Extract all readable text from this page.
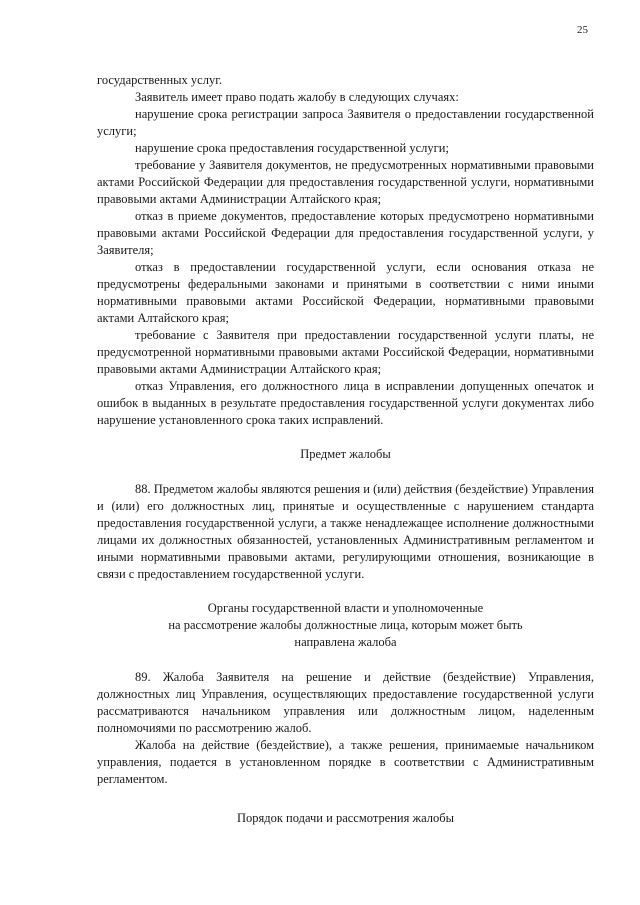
25

государственных услуг.

Заявитель имеет право подать жалобу в следующих случаях:

нарушение срока регистрации запроса Заявителя о предоставлении государственной услуги;

нарушение срока предоставления государственной услуги;

требование у Заявителя документов, не предусмотренных нормативными правовыми актами Российской Федерации для предоставления государственной услуги, нормативными правовыми актами Администрации Алтайского края;

отказ в приеме документов, предоставление которых предусмотрено нормативными правовыми актами Российской Федерации для предоставления государственной услуги, у Заявителя;

отказ в предоставлении государственной услуги, если основания отказа не предусмотрены федеральными законами и принятыми в соответствии с ними иными нормативными правовыми актами Российской Федерации, нормативными правовыми актами Алтайского края;

требование с Заявителя при предоставлении государственной услуги платы, не предусмотренной нормативными правовыми актами Российской Федерации, нормативными правовыми актами Администрации Алтайского края;

отказ Управления, его должностного лица в исправлении допущенных опечаток и ошибок в выданных в результате предоставления государственной услуги документах либо нарушение установленного срока таких исправлений.

Предмет жалобы

88. Предметом жалобы являются решения и (или) действия (бездействие) Управления и (или) его должностных лиц, принятые и осуществленные с нарушением стандарта предоставления государственной услуги, а также ненадлежащее исполнение должностными лицами их должностных обязанностей, установленных Административным регламентом и иными нормативными правовыми актами, регулирующими отношения, возникающие в связи с предоставлением государственной услуги.

Органы государственной власти и уполномоченные

на рассмотрение жалобы должностные лица, которым может быть

направлена жалоба

89. Жалоба Заявителя на решение и действие (бездействие) Управления, должностных лиц Управления, осуществляющих предоставление государственной услуги рассматриваются начальником управления или должностным лицом, наделенным полномочиями по рассмотрению жалоб.

Жалоба на действие (бездействие), а также решения, принимаемые начальником управления, подается в установленном порядке в соответствии с Административным регламентом.

Порядок подачи и рассмотрения жалобы
